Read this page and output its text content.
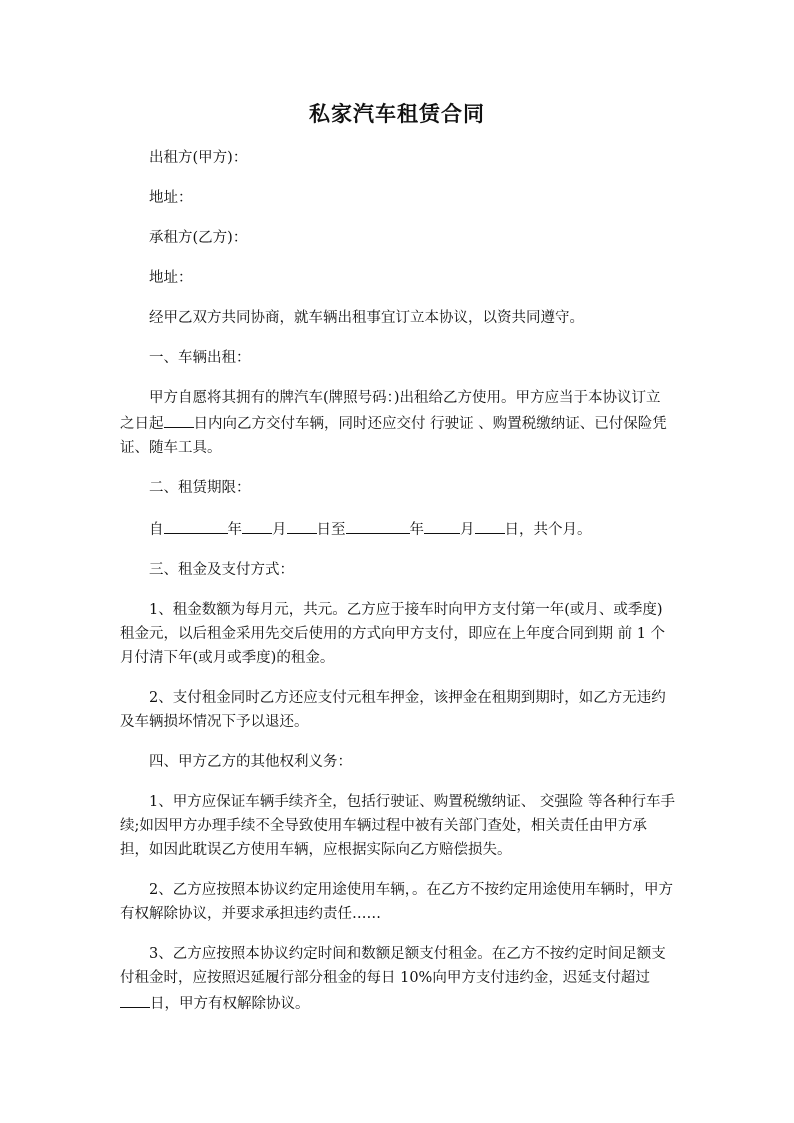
私家汽车租赁合同

出租方(甲方)：

地址：

承租方(乙方)：

地址：

经甲乙双方共同协商，就车辆出租事宜订立本协议，以资共同遵守。

一、车辆出租：

甲方自愿将其拥有的牌汽车(牌照号码：)出租给乙方使用。甲方应当于本协议订立之日起 日内向乙方交付车辆，同时还应交付 行驶证 、购置税缴纳证、已付保险凭证、随车工具。

二、租赁期限：

自	年 月 日至	年 月 日，共个月。

三、租金及支付方式：

1、租金数额为每月元，共元。乙方应于接车时向甲方支付第一年(或月、或季度)租金元，以后租金采用先交后使用的方式向甲方支付，即应在上年度合同到期 前 1 个月付清下年(或月或季度)的租金。

2、支付租金同时乙方还应支付元租车押金，该押金在租期到期时，如乙方无违约及车辆损坏情况下予以退还。

四、甲方乙方的其他权利义务：

1、甲方应保证车辆手续齐全，包括行驶证、购置税缴纳证、 交强险 等各种行车手续;如因甲方办理手续不全导致使用车辆过程中被有关部门查处，相关责任由甲方承担，如因此耽误乙方使用车辆，应根据实际向乙方赔偿损失。

2、乙方应按照本协议约定用途使用车辆，。在乙方不按约定用途使用车辆时，甲方有权解除协议，并要求承担违约责任……

3、乙方应按照本协议约定时间和数额足额支付租金。在乙方不按约定时间足额支付租金时，应按照迟延履行部分租金的每日 10%向甲方支付违约金，迟延支付超过日，甲方有权解除协议。
